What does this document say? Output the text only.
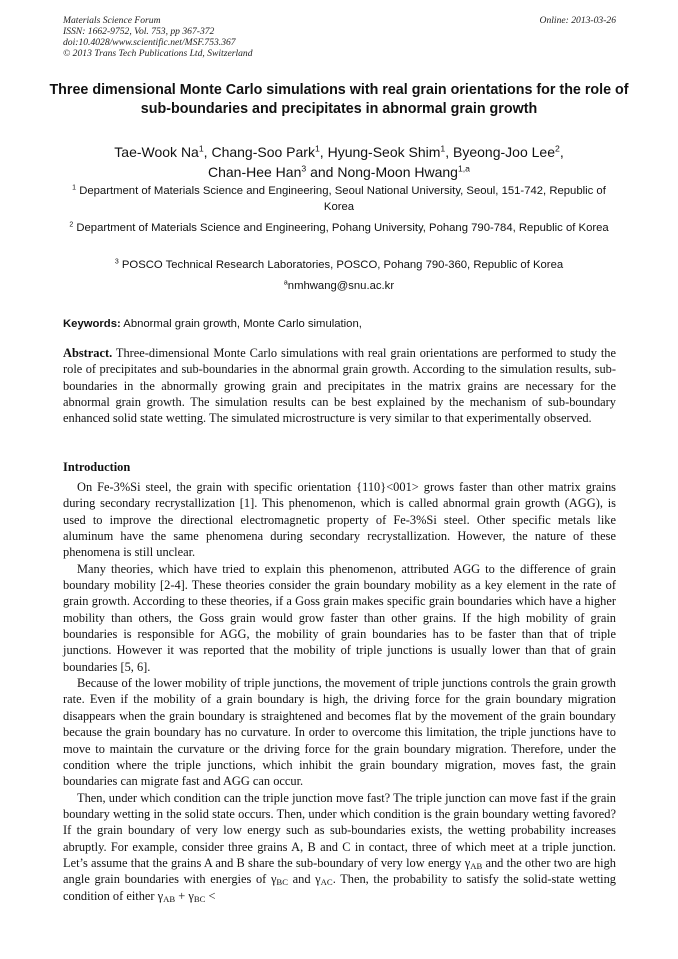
Materials Science Forum
ISSN: 1662-9752, Vol. 753, pp 367-372
doi:10.4028/www.scientific.net/MSF.753.367
© 2013 Trans Tech Publications Ltd, Switzerland
Online: 2013-03-26
Three dimensional Monte Carlo simulations with real grain orientations for the role of sub-boundaries and precipitates in abnormal grain growth
Tae-Wook Na$^1$, Chang-Soo Park$^1$, Hyung-Seok Shim$^1$, Byeong-Joo Lee$^2$,
Chan-Hee Han$^3$ and Nong-Moon Hwang$^{1,a}$
$^1$ Department of Materials Science and Engineering, Seoul National University, Seoul, 151-742, Republic of Korea
$^2$ Department of Materials Science and Engineering, Pohang University, Pohang 790-784, Republic of Korea
$^3$ POSCO Technical Research Laboratories, POSCO, Pohang 790-360, Republic of Korea
$^a$nmhwang@snu.ac.kr
Keywords: Abnormal grain growth, Monte Carlo simulation,

Abstract. Three-dimensional Monte Carlo simulations with real grain orientations are performed to study the role of precipitates and sub-boundaries in the abnormal grain growth. According to the simulation results, sub-boundaries in the abnormally growing grain and precipitates in the matrix grains are necessary for the abnormal grain growth. The simulation results can be best explained by the mechanism of sub-boundary enhanced solid state wetting. The simulated microstructure is very similar to that experimentally observed.

Introduction

On Fe-3%Si steel, the grain with specific orientation {110}<001> grows faster than other matrix grains during secondary recrystallization [1]. This phenomenon, which is called abnormal grain growth (AGG), is used to improve the directional electromagnetic property of Fe-3%Si steel. Other specific metals like aluminum have the same phenomena during secondary recrystallization. However, the nature of these phenomena is still unclear.

Many theories, which have tried to explain this phenomenon, attributed AGG to the difference of grain boundary mobility [2-4]. These theories consider the grain boundary mobility as a key element in the rate of grain growth. According to these theories, if a Goss grain makes specific grain boundaries which have a higher mobility than others, the Goss grain would grow faster than other grains. If the high mobility of grain boundaries is responsible for AGG, the mobility of grain boundaries has to be faster than that of triple junctions. However it was reported that the mobility of triple junctions is usually lower than that of grain boundaries [5, 6].

Because of the lower mobility of triple junctions, the movement of triple junctions controls the grain growth rate. Even if the mobility of a grain boundary is high, the driving force for the grain boundary migration disappears when the grain boundary is straightened and becomes flat by the movement of the grain boundary because the grain boundary has no curvature. In order to overcome this limitation, the triple junctions have to move to maintain the curvature or the driving force for the grain boundary migration. Therefore, under the condition where the triple junctions, which inhibit the grain boundary migration, moves fast, the grain boundaries can migrate fast and AGG can occur.

Then, under which condition can the triple junction move fast? The triple junction can move fast if the grain boundary wetting in the solid state occurs. Then, under which condition is the grain boundary wetting favored? If the grain boundary of very low energy such as sub-boundaries exists, the wetting probability increases abruptly. For example, consider three grains A, B and C in contact, three of which meet at a triple junction. Let’s assume that the grains A and B share the sub-boundary of very low energy $\gamma_{AB}$ and the other two are high angle grain boundaries with energies of $\gamma_{BC}$ and $\gamma_{AC}$. Then, the probability to satisfy the solid-state wetting condition of either $\gamma_{AB} + \gamma_{BC}$ <
